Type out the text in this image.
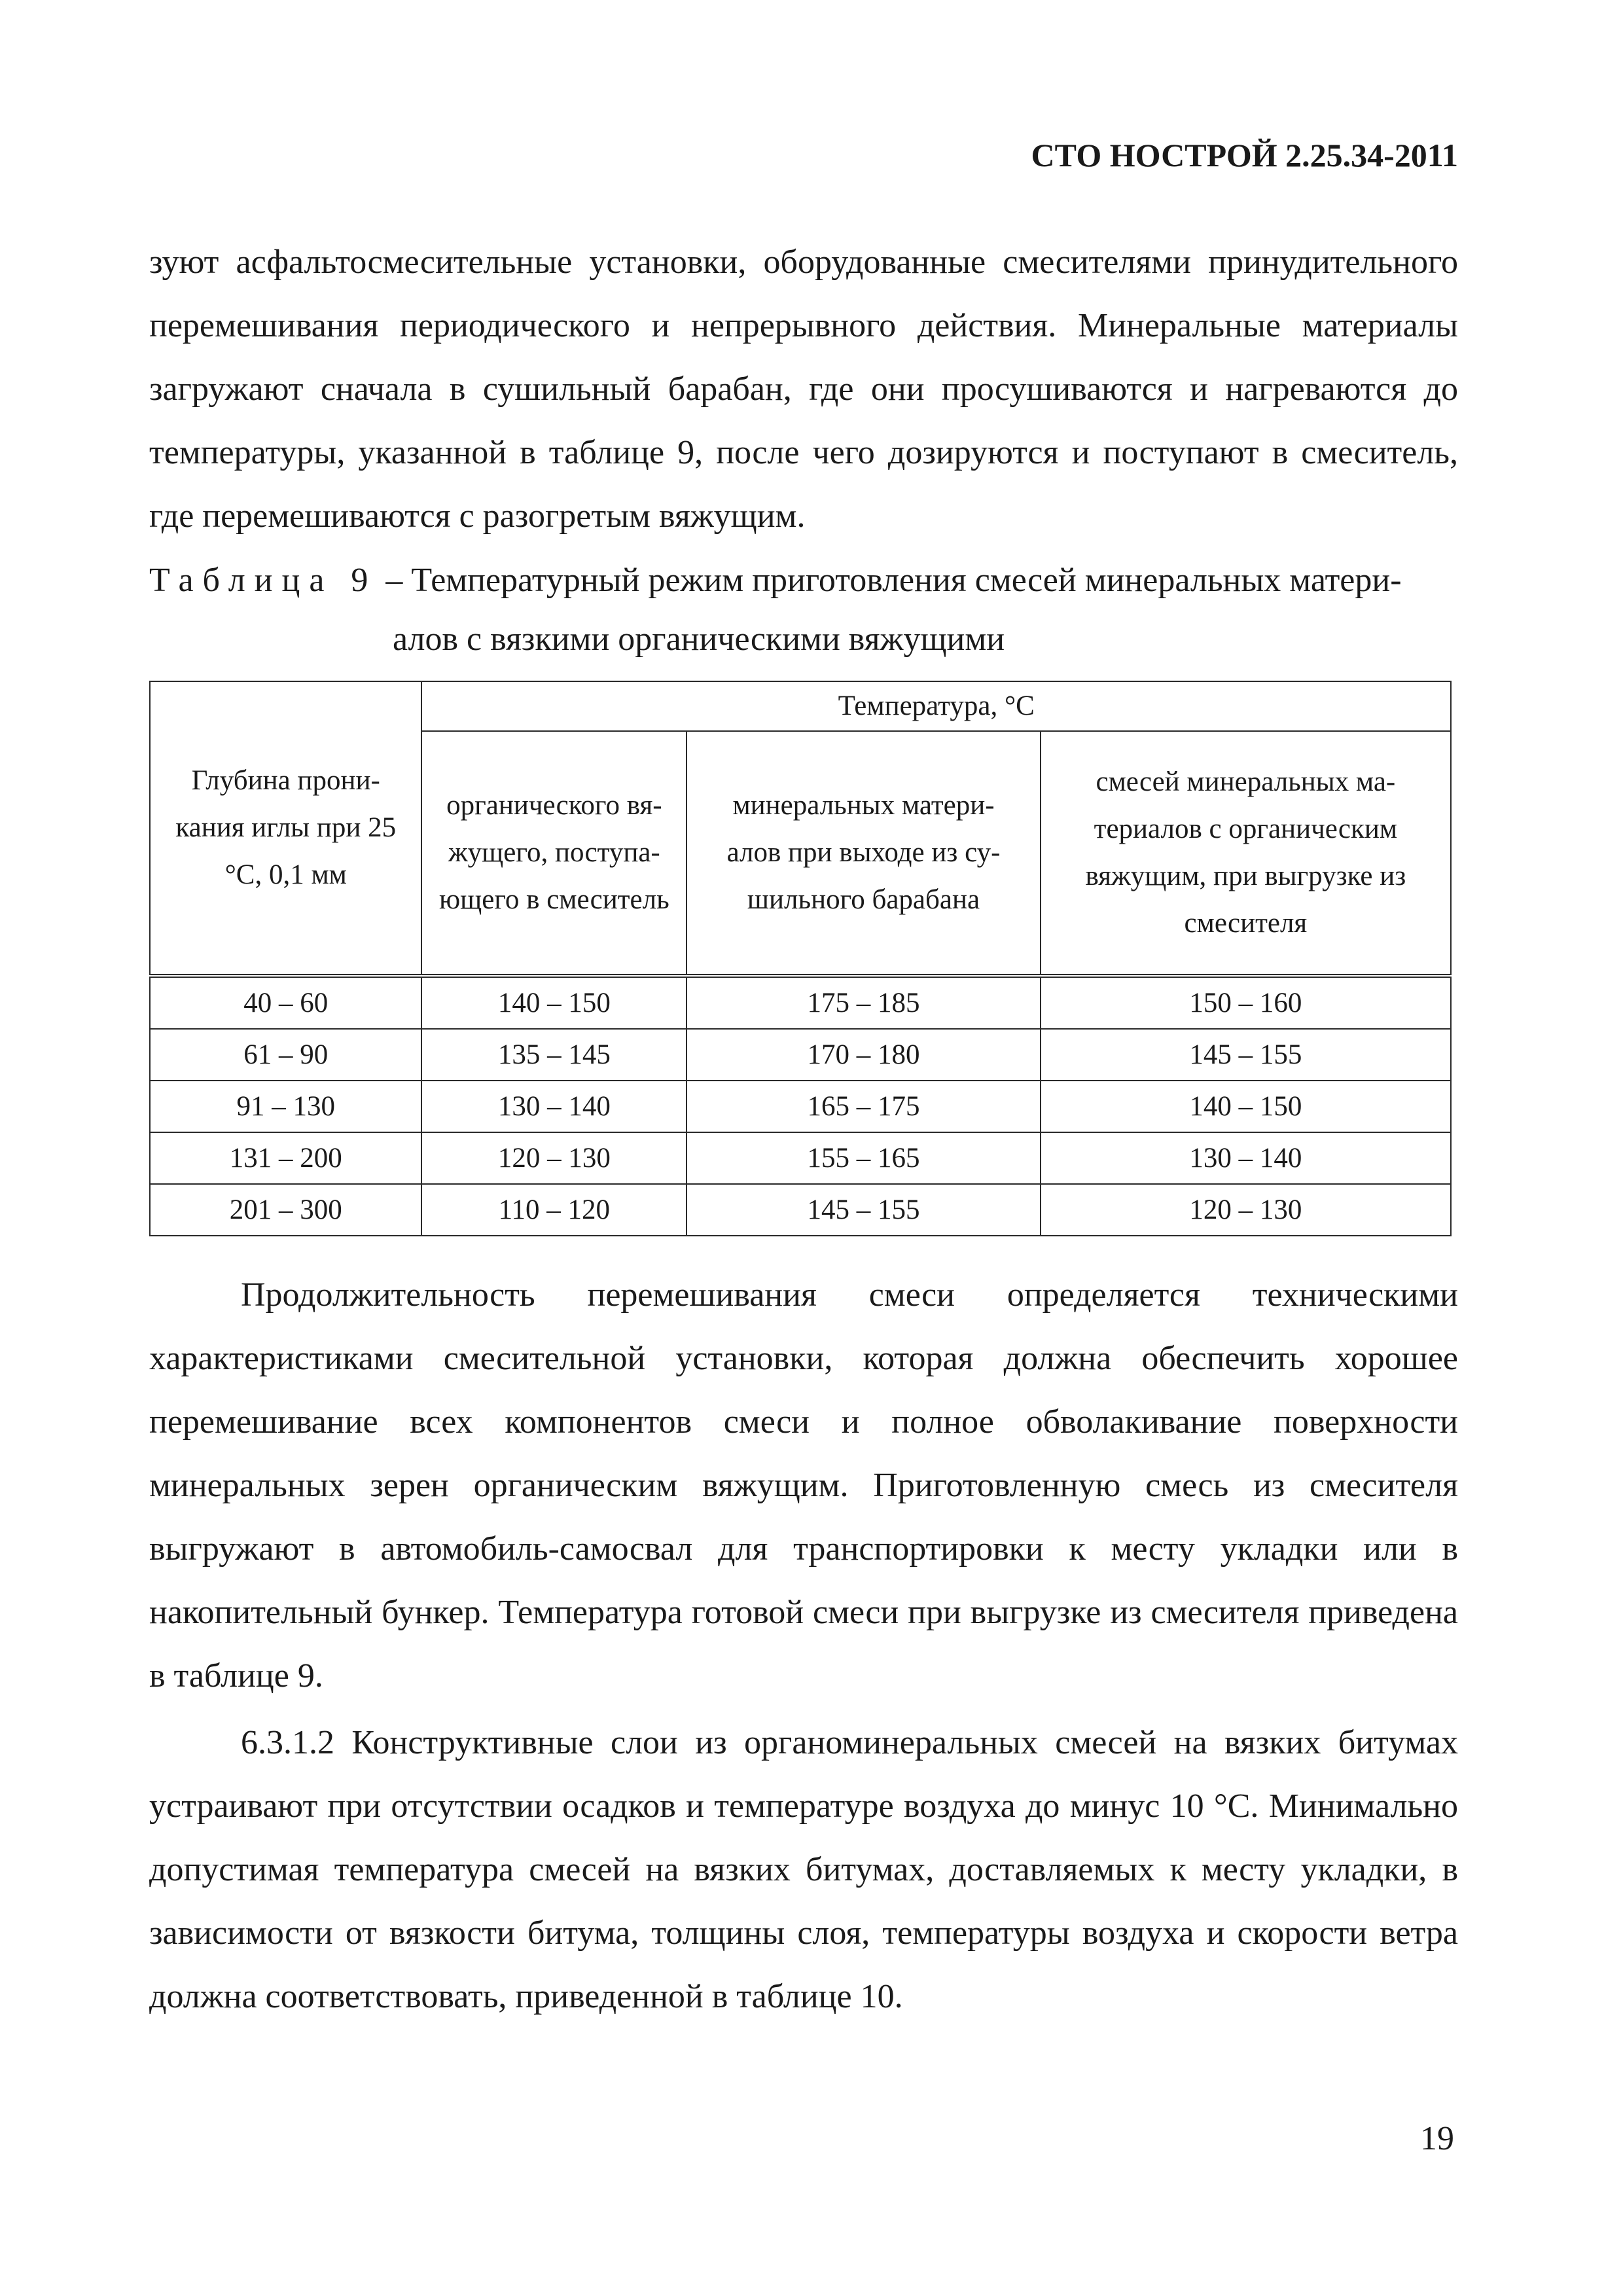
СТО НОСТРОЙ 2.25.34-2011
зуют асфальтосмесительные установки, оборудованные смесителями принудительного перемешивания периодического и непрерывного действия. Минеральные материалы загружают сначала в сушильный барабан, где они просушиваются и нагреваются до температуры, указанной в таблице 9, после чего дозируются и поступают в смеситель, где перемешиваются с разогретым вяжущим.
Таблица 9 – Температурный режим приготовления смесей минеральных матери-
алов с вязкими органическими вяжущими
Глубина прони-кания иглы при 25 °С, 0,1 мм	Температура, °С		
	органического вя-жущего, поступа-ющего в смеситель	минеральных матери-алов при выходе из су-шильного барабана	смесей минеральных ма-териалов с органическим вяжущим, при выгрузке из смесителя
40 – 60	140 – 150	175 – 185	150 – 160
61 – 90	135 – 145	170 – 180	145 – 155
91 – 130	130 – 140	165 – 175	140 – 150
131 – 200	120 – 130	155 – 165	130 – 140
201 – 300	110 – 120	145 – 155	120 – 130
Продолжительность перемешивания смеси определяется техническими характеристиками смесительной установки, которая должна обеспечить хорошее перемешивание всех компонентов смеси и полное обволакивание поверхности минеральных зерен органическим вяжущим. Приготовленную смесь из смесителя выгружают в автомобиль-самосвал для транспортировки к месту укладки или в накопительный бункер. Температура готовой смеси при выгрузке из смесителя приведена в таблице 9.
6.3.1.2 Конструктивные слои из органоминеральных смесей на вязких битумах устраивают при отсутствии осадков и температуре воздуха до минус 10 °С. Минимально допустимая температура смесей на вязких битумах, доставляемых к месту укладки, в зависимости от вязкости битума, толщины слоя, температуры воздуха и скорости ветра должна соответствовать, приведенной в таблице 10.
19
